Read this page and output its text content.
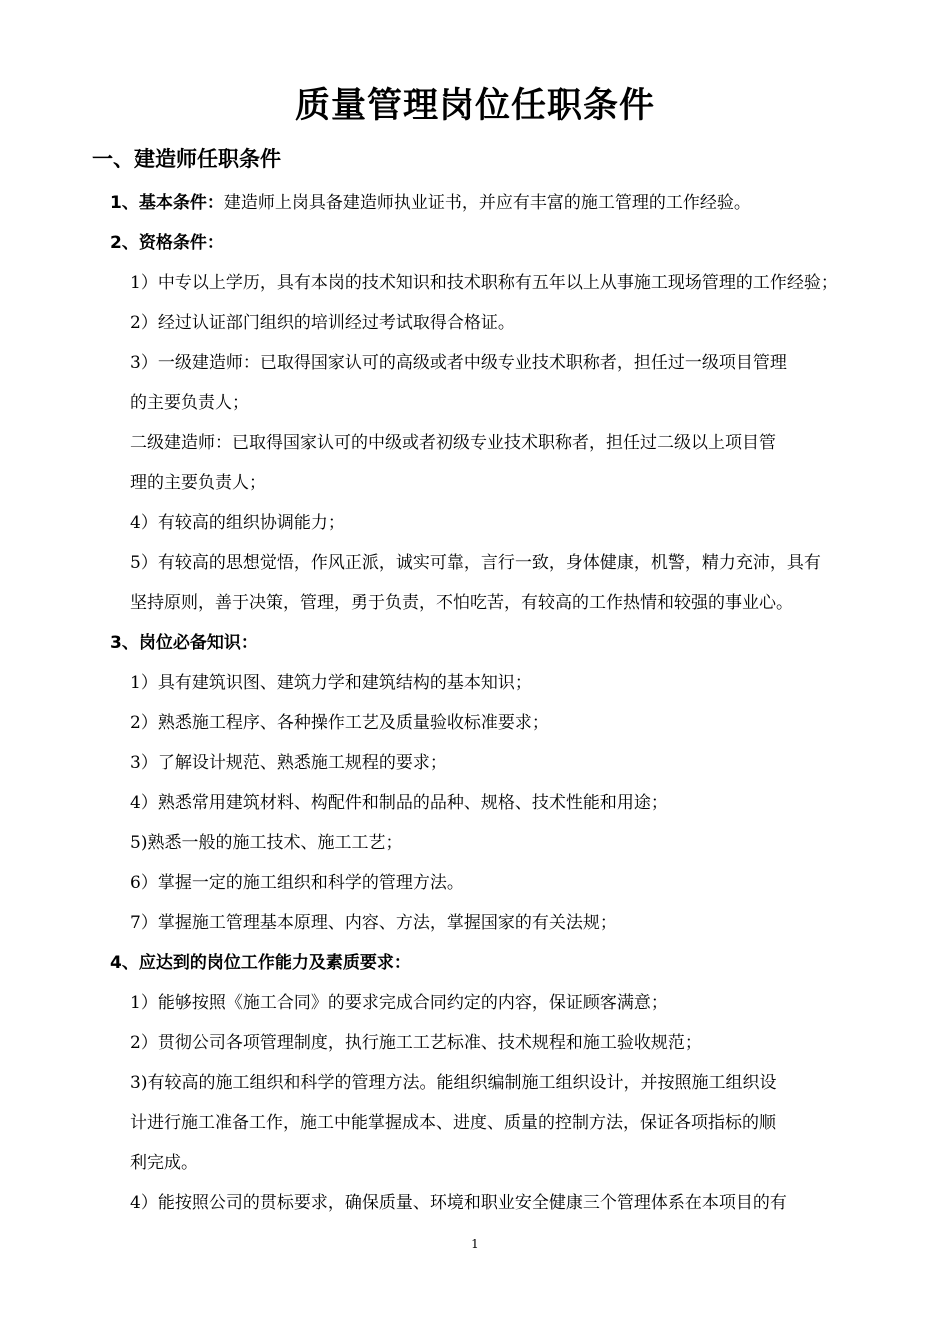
质量管理岗位任职条件
一、建造师任职条件
1、基本条件：建造师上岗具备建造师执业证书，并应有丰富的施工管理的工作经验。
2、资格条件：
1）中专以上学历，具有本岗的技术知识和技术职称有五年以上从事施工现场管理的工作经验；
2）经过认证部门组织的培训经过考试取得合格证。
3）一级建造师：已取得国家认可的高级或者中级专业技术职称者，担任过一级项目管理
的主要负责人；
二级建造师：已取得国家认可的中级或者初级专业技术职称者，担任过二级以上项目管
理的主要负责人；
4）有较高的组织协调能力；
5）有较高的思想觉悟，作风正派，诚实可靠，言行一致，身体健康，机警，精力充沛，具有
坚持原则，善于决策，管理，勇于负责，不怕吃苦，有较高的工作热情和较强的事业心。
3、岗位必备知识：
1）具有建筑识图、建筑力学和建筑结构的基本知识；
2）熟悉施工程序、各种操作工艺及质量验收标准要求；
3）了解设计规范、熟悉施工规程的要求；
4）熟悉常用建筑材料、构配件和制品的品种、规格、技术性能和用途；
5)熟悉一般的施工技术、施工工艺；
6）掌握一定的施工组织和科学的管理方法。
7）掌握施工管理基本原理、内容、方法，掌握国家的有关法规；
4、应达到的岗位工作能力及素质要求：
1）能够按照《施工合同》的要求完成合同约定的内容，保证顾客满意；
2）贯彻公司各项管理制度，执行施工工艺标准、技术规程和施工验收规范；
3)有较高的施工组织和科学的管理方法。能组织编制施工组织设计，并按照施工组织设
计进行施工准备工作，施工中能掌握成本、进度、质量的控制方法，保证各项指标的顺
利完成。
4）能按照公司的贯标要求，确保质量、环境和职业安全健康三个管理体系在本项目的有
1
